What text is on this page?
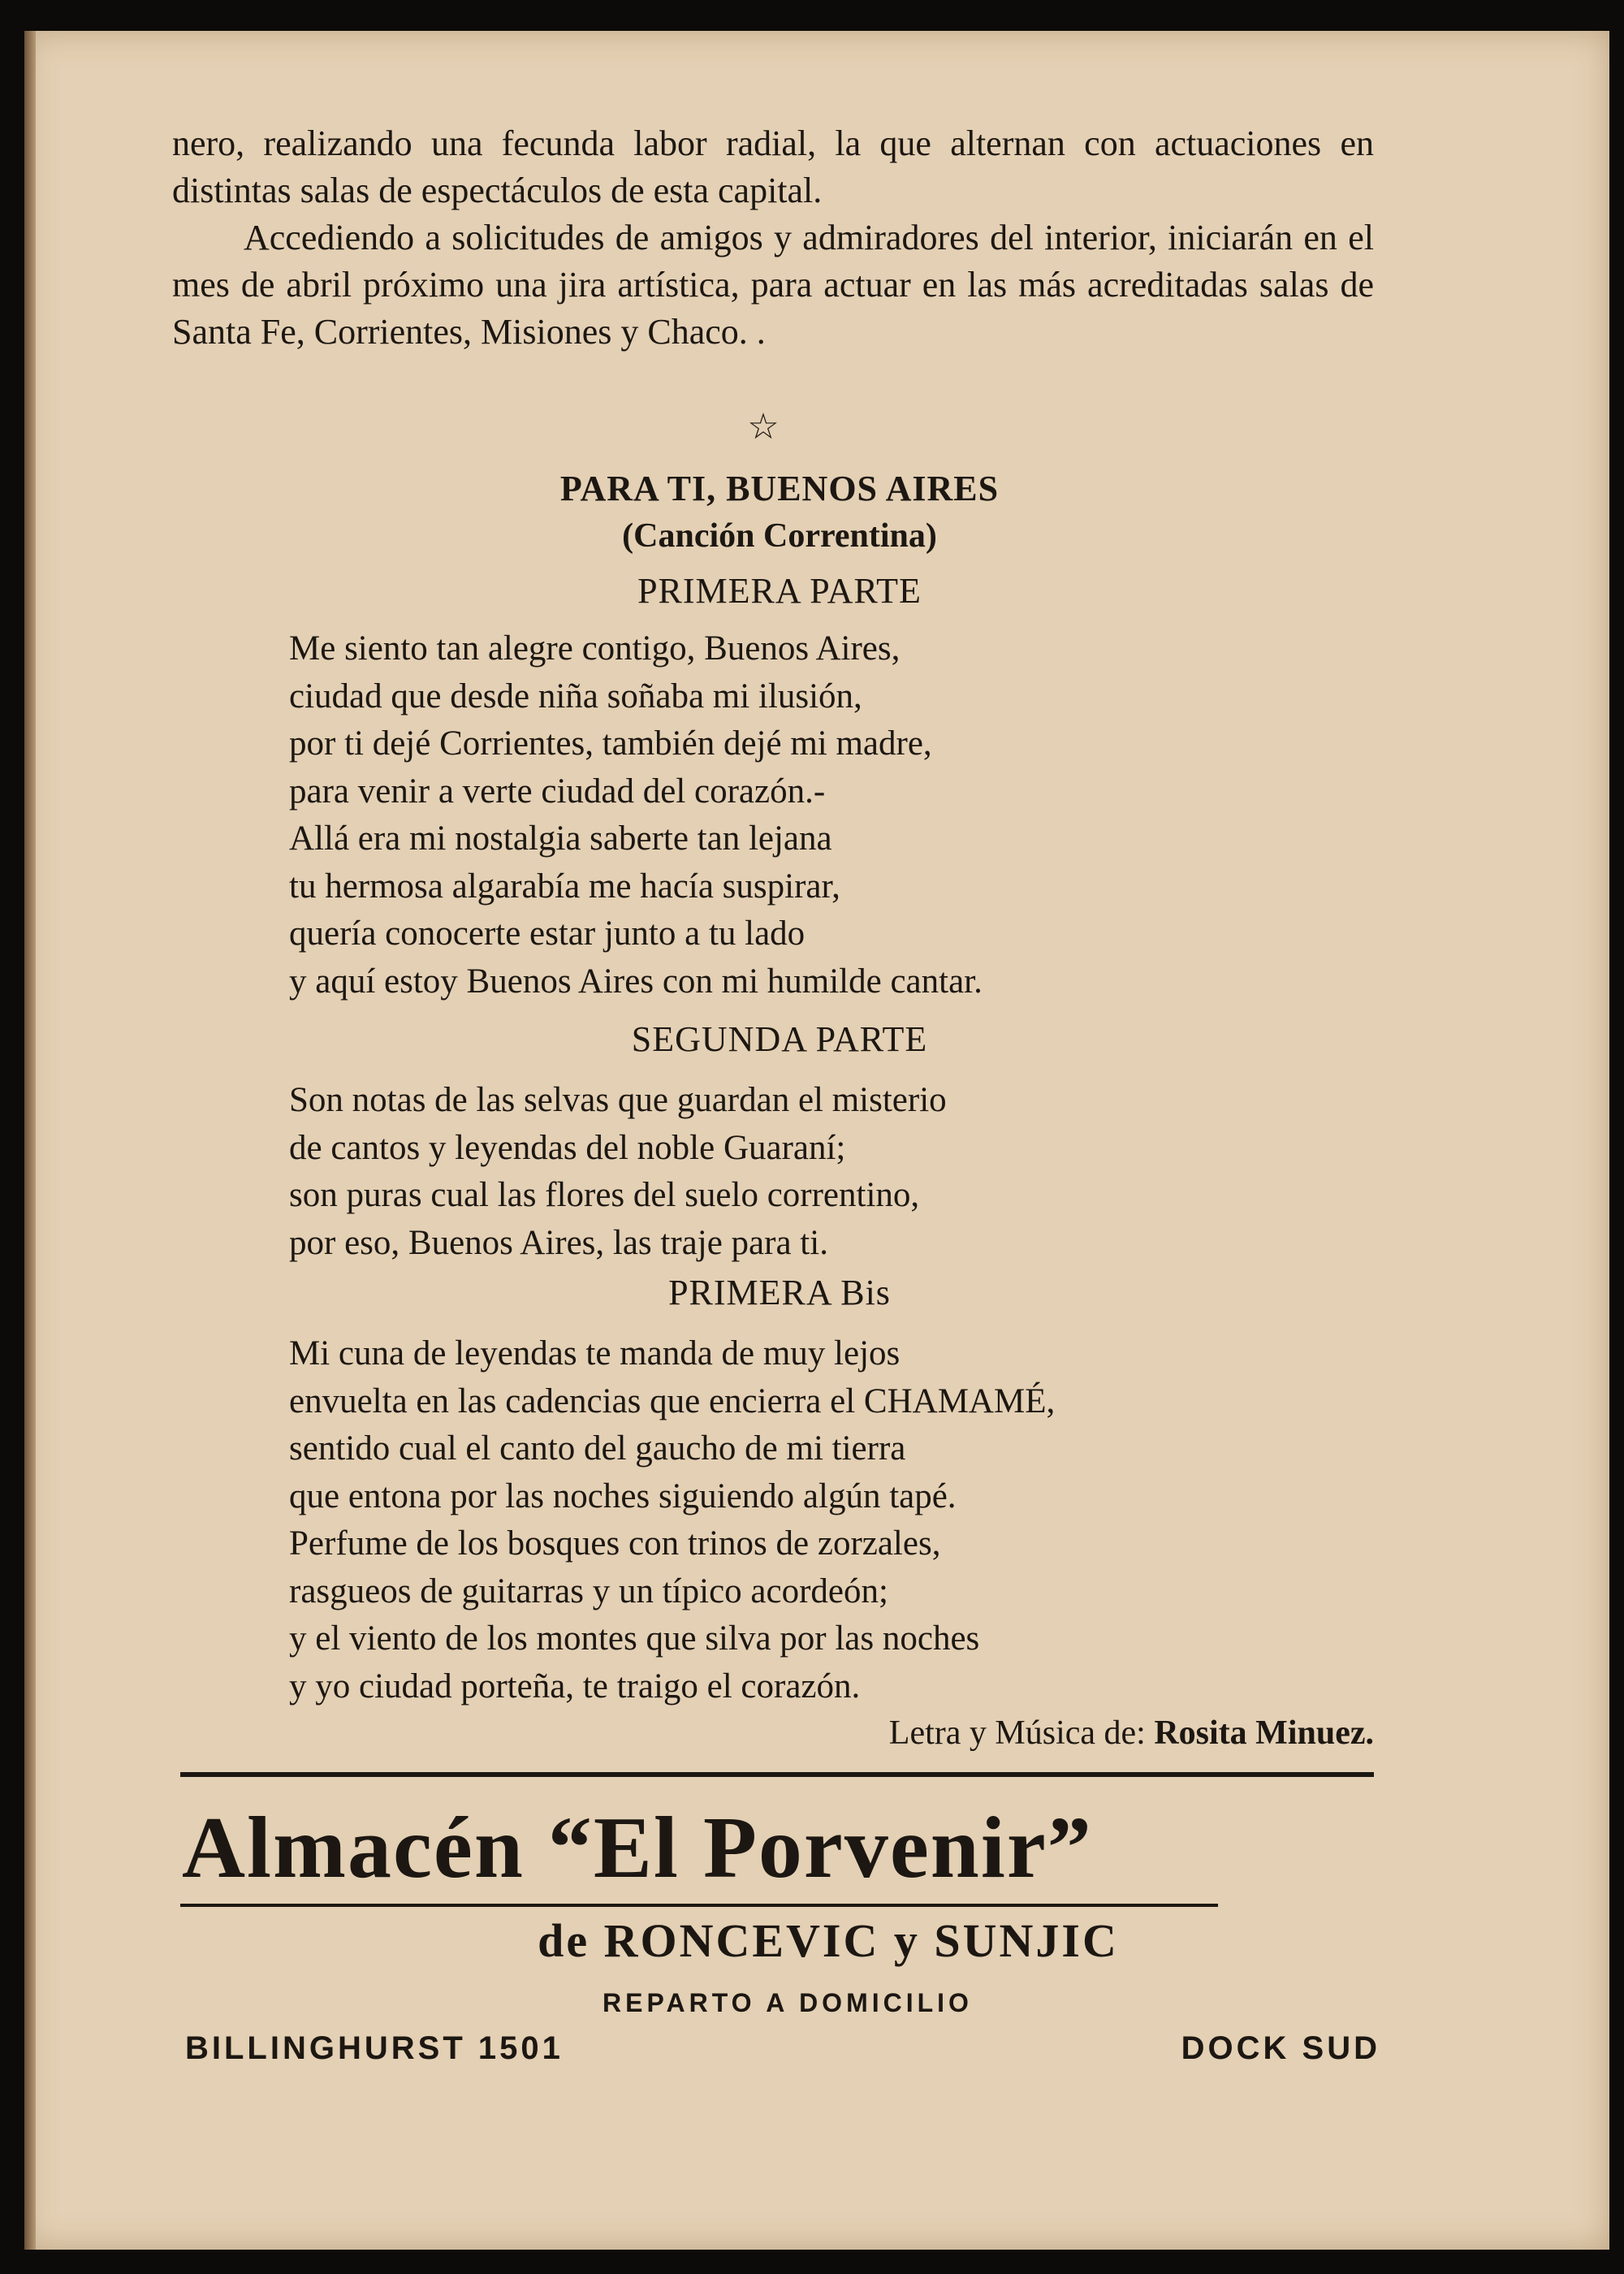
nero, realizando una fecunda labor radial, la que alternan con actuaciones en distintas salas de espectáculos de esta capital.

Accediendo a solicitudes de amigos y admiradores del interior, iniciarán en el mes de abril próximo una jira artística, para actuar en las más acreditadas salas de Santa Fe, Corrientes, Misiones y Chaco. .

☆
PARA TI, BUENOS AIRES
(Canción Correntina)
PRIMERA PARTE
Me siento tan alegre contigo, Buenos Aires,
ciudad que desde niña soñaba mi ilusión,
por ti dejé Corrientes, también dejé mi madre,
para venir a verte ciudad del corazón.-
Allá era mi nostalgia saberte tan lejana
tu hermosa algarabía me hacía suspirar,
quería conocerte estar junto a tu lado
y aquí estoy Buenos Aires con mi humilde cantar.
SEGUNDA PARTE
Son notas de las selvas que guardan el misterio
de cantos y leyendas del noble Guaraní;
son puras cual las flores del suelo correntino,
por eso, Buenos Aires, las traje para ti.
PRIMERA Bis
Mi cuna de leyendas te manda de muy lejos
envuelta en las cadencias que encierra el CHAMAMÉ,
sentido cual el canto del gaucho de mi tierra
que entona por las noches siguiendo algún tapé.
Perfume de los bosques con trinos de zorzales,
rasgueos de guitarras y un típico acordeón;
y el viento de los montes que silva por las noches
y yo ciudad porteña, te traigo el corazón.
Letra y Música de: Rosita Minuez.
Almacén “El Porvenir”
de RONCEVIC y SUNJIC
REPARTO A DOMICILIO
BILLINGHURST 1501	DOCK SUD
